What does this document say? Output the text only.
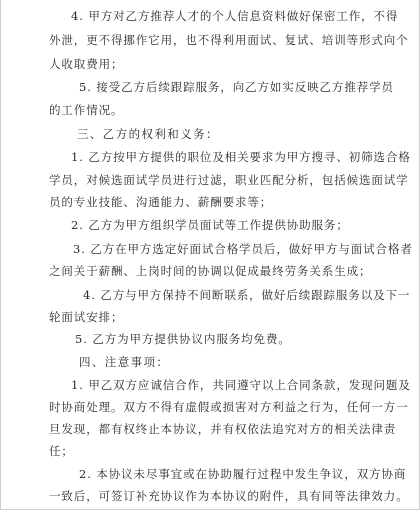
4. 甲方对乙方推荐人才的个人信息资料做好保密工作，不得
外泄，更不得挪作它用，也不得利用面试、复试、培训等形式向个
人收取费用；
5. 接受乙方后续跟踪服务，向乙方如实反映乙方推荐学员
的工作情况。
三、乙方的权利和义务：
1. 乙方按甲方提供的职位及相关要求为甲方搜寻、初筛选合格
学员，对候选面试学员进行过滤，职业匹配分析，包括候选面试学
员的专业技能、沟通能力、薪酬要求等；
2. 乙方为甲方组织学员面试等工作提供协助服务；
3. 乙方在甲方选定好面试合格学员后，做好甲方与面试合格者
之间关于薪酬、上岗时间的协调以促成最终劳务关系生成；
4. 乙方与甲方保持不间断联系，做好后续跟踪服务以及下一
轮面试安排；
5. 乙方为甲方提供协议内服务均免费。
四、注意事项：
1. 甲乙双方应诚信合作，共同遵守以上合同条款，发现问题及
时协商处理。双方不得有虚假或损害对方利益之行为，任何一方一
旦发现，都有权终止本协议，并有权依法追究对方的相关法律责
任；
2. 本协议未尽事宜或在协助履行过程中发生争议，双方协商
一致后，可签订补充协议作为本协议的附件，具有同等法律效力。
